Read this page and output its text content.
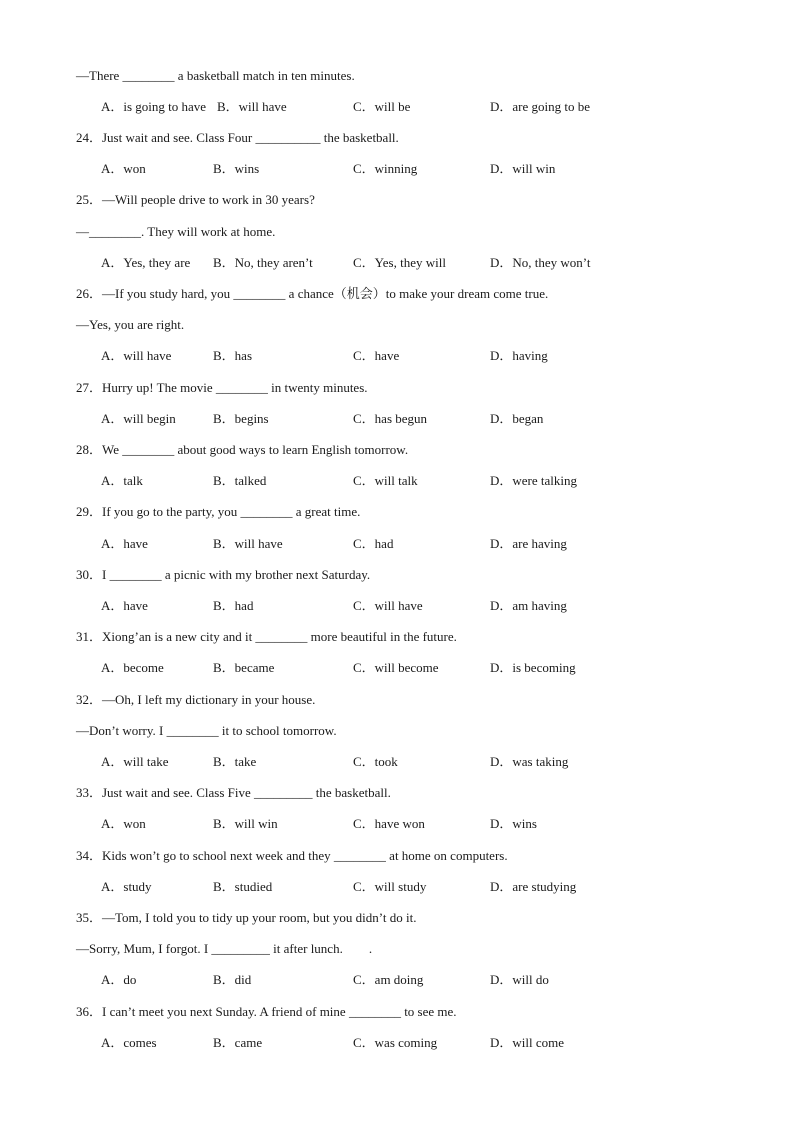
—There ________ a basketball match in ten minutes.
A．is going to have B．will have	C．will be	D．are going to be
24．Just wait and see. Class Four __________ the basketball.
A．won	B．wins	C．winning	D．will win
25．—Will people drive to work in 30 years?
—________. They will work at home.
A．Yes, they are B．No, they aren’t	C．Yes, they will	D．No, they won’t
26．—If you study hard, you ________ a chance（机会）to make your dream come true.
—Yes, you are right.
A．will have	B．has	C．have	D．having
27．Hurry up! The movie ________ in twenty minutes.
A．will begin	B．begins	C．has begun	D．began
28．We ________ about good ways to learn English tomorrow.
A．talk	B．talked	C．will talk	D．were talking
29．If you go to the party, you ________ a great time.
A．have	B．will have	C．had	D．are having
30．I ________ a picnic with my brother next Saturday.
A．have	B．had	C．will have	D．am having
31．Xiong’an is a new city and it ________ more beautiful in the future.
A．become	B．became	C．will become	D．is becoming
32．—Oh, I left my dictionary in your house.
—Don’t worry. I ________ it to school tomorrow.
A．will take	B．take	C．took	D．was taking
33．Just wait and see. Class Five _________ the basketball.
A．won	B．will win	C．have won	D．wins
34．Kids won’t go to school next week and they ________ at home on computers.
A．study	B．studied	C．will study	D．are studying
35．—Tom, I told you to tidy up your room, but you didn’t do it.
—Sorry, Mum, I forgot. I _________ it after lunch.        .
A．do	B．did	C．am doing	D．will do
36．I can’t meet you next Sunday. A friend of mine ________ to see me.
A．comes	B．came	C．was coming	D．will come
